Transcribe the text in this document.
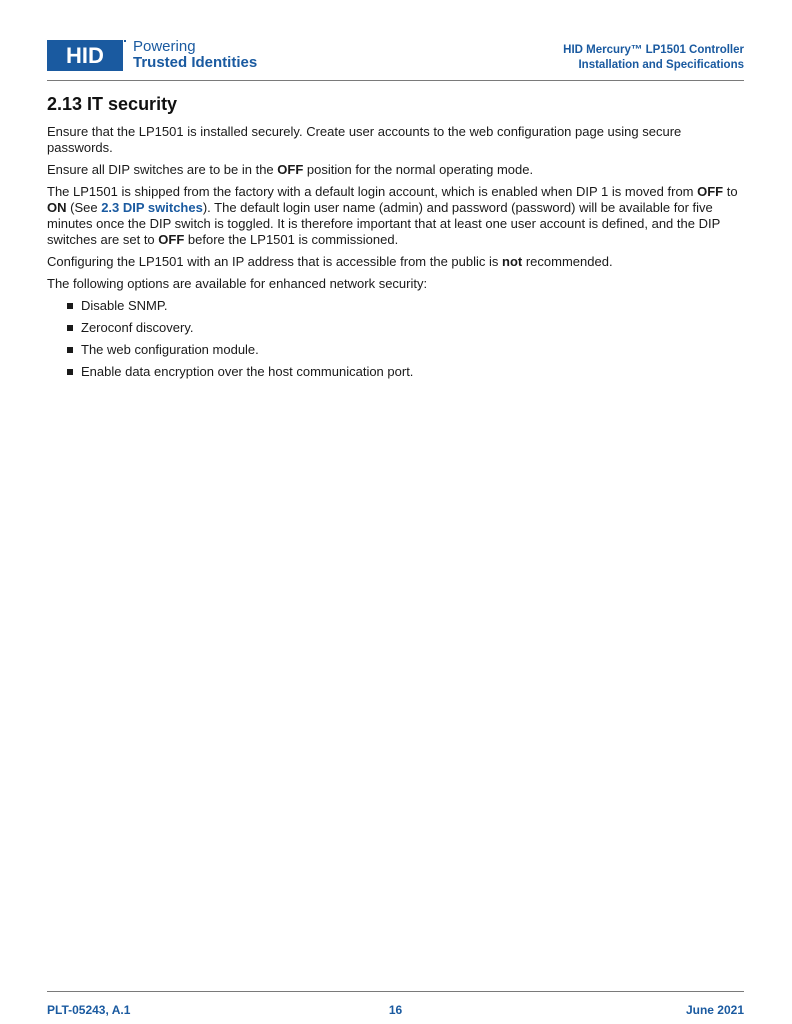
HID Powering
Trusted Identities
HID Mercury™ LP1501 Controller
Installation and Specifications
2.13 IT security

Ensure that the LP1501 is installed securely. Create user accounts to the web configuration page using secure passwords.

Ensure all DIP switches are to be in the OFF position for the normal operating mode.

The LP1501 is shipped from the factory with a default login account, which is enabled when DIP 1 is moved from OFF to ON (See 2.3 DIP switches). The default login user name (admin) and password (password) will be available for five minutes once the DIP switch is toggled. It is therefore important that at least one user account is defined, and the DIP switches are set to OFF before the LP1501 is commissioned.

Configuring the LP1501 with an IP address that is accessible from the public is not recommended.

The following options are available for enhanced network security:

Disable SNMP.
Zeroconf discovery.
The web configuration module.
Enable data encryption over the host communication port.
PLT-05243, A.1	16	June 2021
